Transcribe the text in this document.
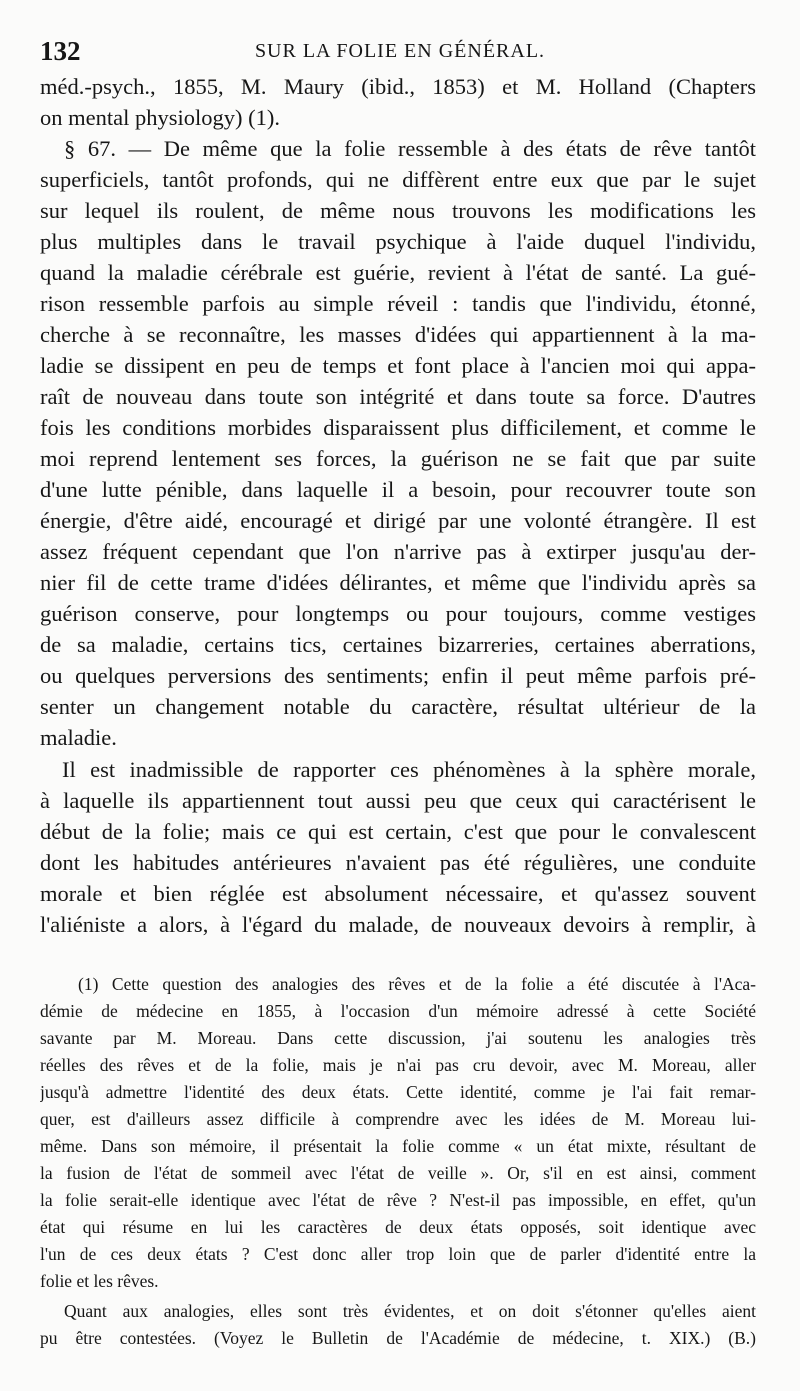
132	SUR LA FOLIE EN GÉNÉRAL.
méd.-psych., 1855, M. Maury (ibid., 1853) et M. Holland (Chapters
on mental physiology) (1).
§ 67. — De même que la folie ressemble à des états de rêve tantôt
superficiels, tantôt profonds, qui ne diffèrent entre eux que par le sujet
sur lequel ils roulent, de même nous trouvons les modifications les
plus multiples dans le travail psychique à l'aide duquel l'individu,
quand la maladie cérébrale est guérie, revient à l'état de santé. La gué-
rison ressemble parfois au simple réveil : tandis que l'individu, étonné,
cherche à se reconnaître, les masses d'idées qui appartiennent à la ma-
ladie se dissipent en peu de temps et font place à l'ancien moi qui appa-
raît de nouveau dans toute son intégrité et dans toute sa force. D'autres
fois les conditions morbides disparaissent plus difficilement, et comme le
moi reprend lentement ses forces, la guérison ne se fait que par suite
d'une lutte pénible, dans laquelle il a besoin, pour recouvrer toute son
énergie, d'être aidé, encouragé et dirigé par une volonté étrangère. Il est
assez fréquent cependant que l'on n'arrive pas à extirper jusqu'au der-
nier fil de cette trame d'idées délirantes, et même que l'individu après sa
guérison conserve, pour longtemps ou pour toujours, comme vestiges
de sa maladie, certains tics, certaines bizarreries, certaines aberrations,
ou quelques perversions des sentiments; enfin il peut même parfois pré-
senter un changement notable du caractère, résultat ultérieur de la
maladie.
Il est inadmissible de rapporter ces phénomènes à la sphère morale,
à laquelle ils appartiennent tout aussi peu que ceux qui caractérisent le
début de la folie; mais ce qui est certain, c'est que pour le convalescent
dont les habitudes antérieures n'avaient pas été régulières, une conduite
morale et bien réglée est absolument nécessaire, et qu'assez souvent
l'aliéniste a alors, à l'égard du malade, de nouveaux devoirs à remplir, à
(1) Cette question des analogies des rêves et de la folie a été discutée à l'Aca-
démie de médecine en 1855, à l'occasion d'un mémoire adressé à cette Société
savante par M. Moreau. Dans cette discussion, j'ai soutenu les analogies très
réelles des rêves et de la folie, mais je n'ai pas cru devoir, avec M. Moreau, aller
jusqu'à admettre l'identité des deux états. Cette identité, comme je l'ai fait remar-
quer, est d'ailleurs assez difficile à comprendre avec les idées de M. Moreau lui-
même. Dans son mémoire, il présentait la folie comme « un état mixte, résultant de
la fusion de l'état de sommeil avec l'état de veille ». Or, s'il en est ainsi, comment
la folie serait-elle identique avec l'état de rêve ? N'est-il pas impossible, en effet, qu'un
état qui résume en lui les caractères de deux états opposés, soit identique avec
l'un de ces deux états ? C'est donc aller trop loin que de parler d'identité entre la
folie et les rêves.
Quant aux analogies, elles sont très évidentes, et on doit s'étonner qu'elles aient
pu être contestées. (Voyez le Bulletin de l'Académie de médecine, t. XIX.) (B.)
